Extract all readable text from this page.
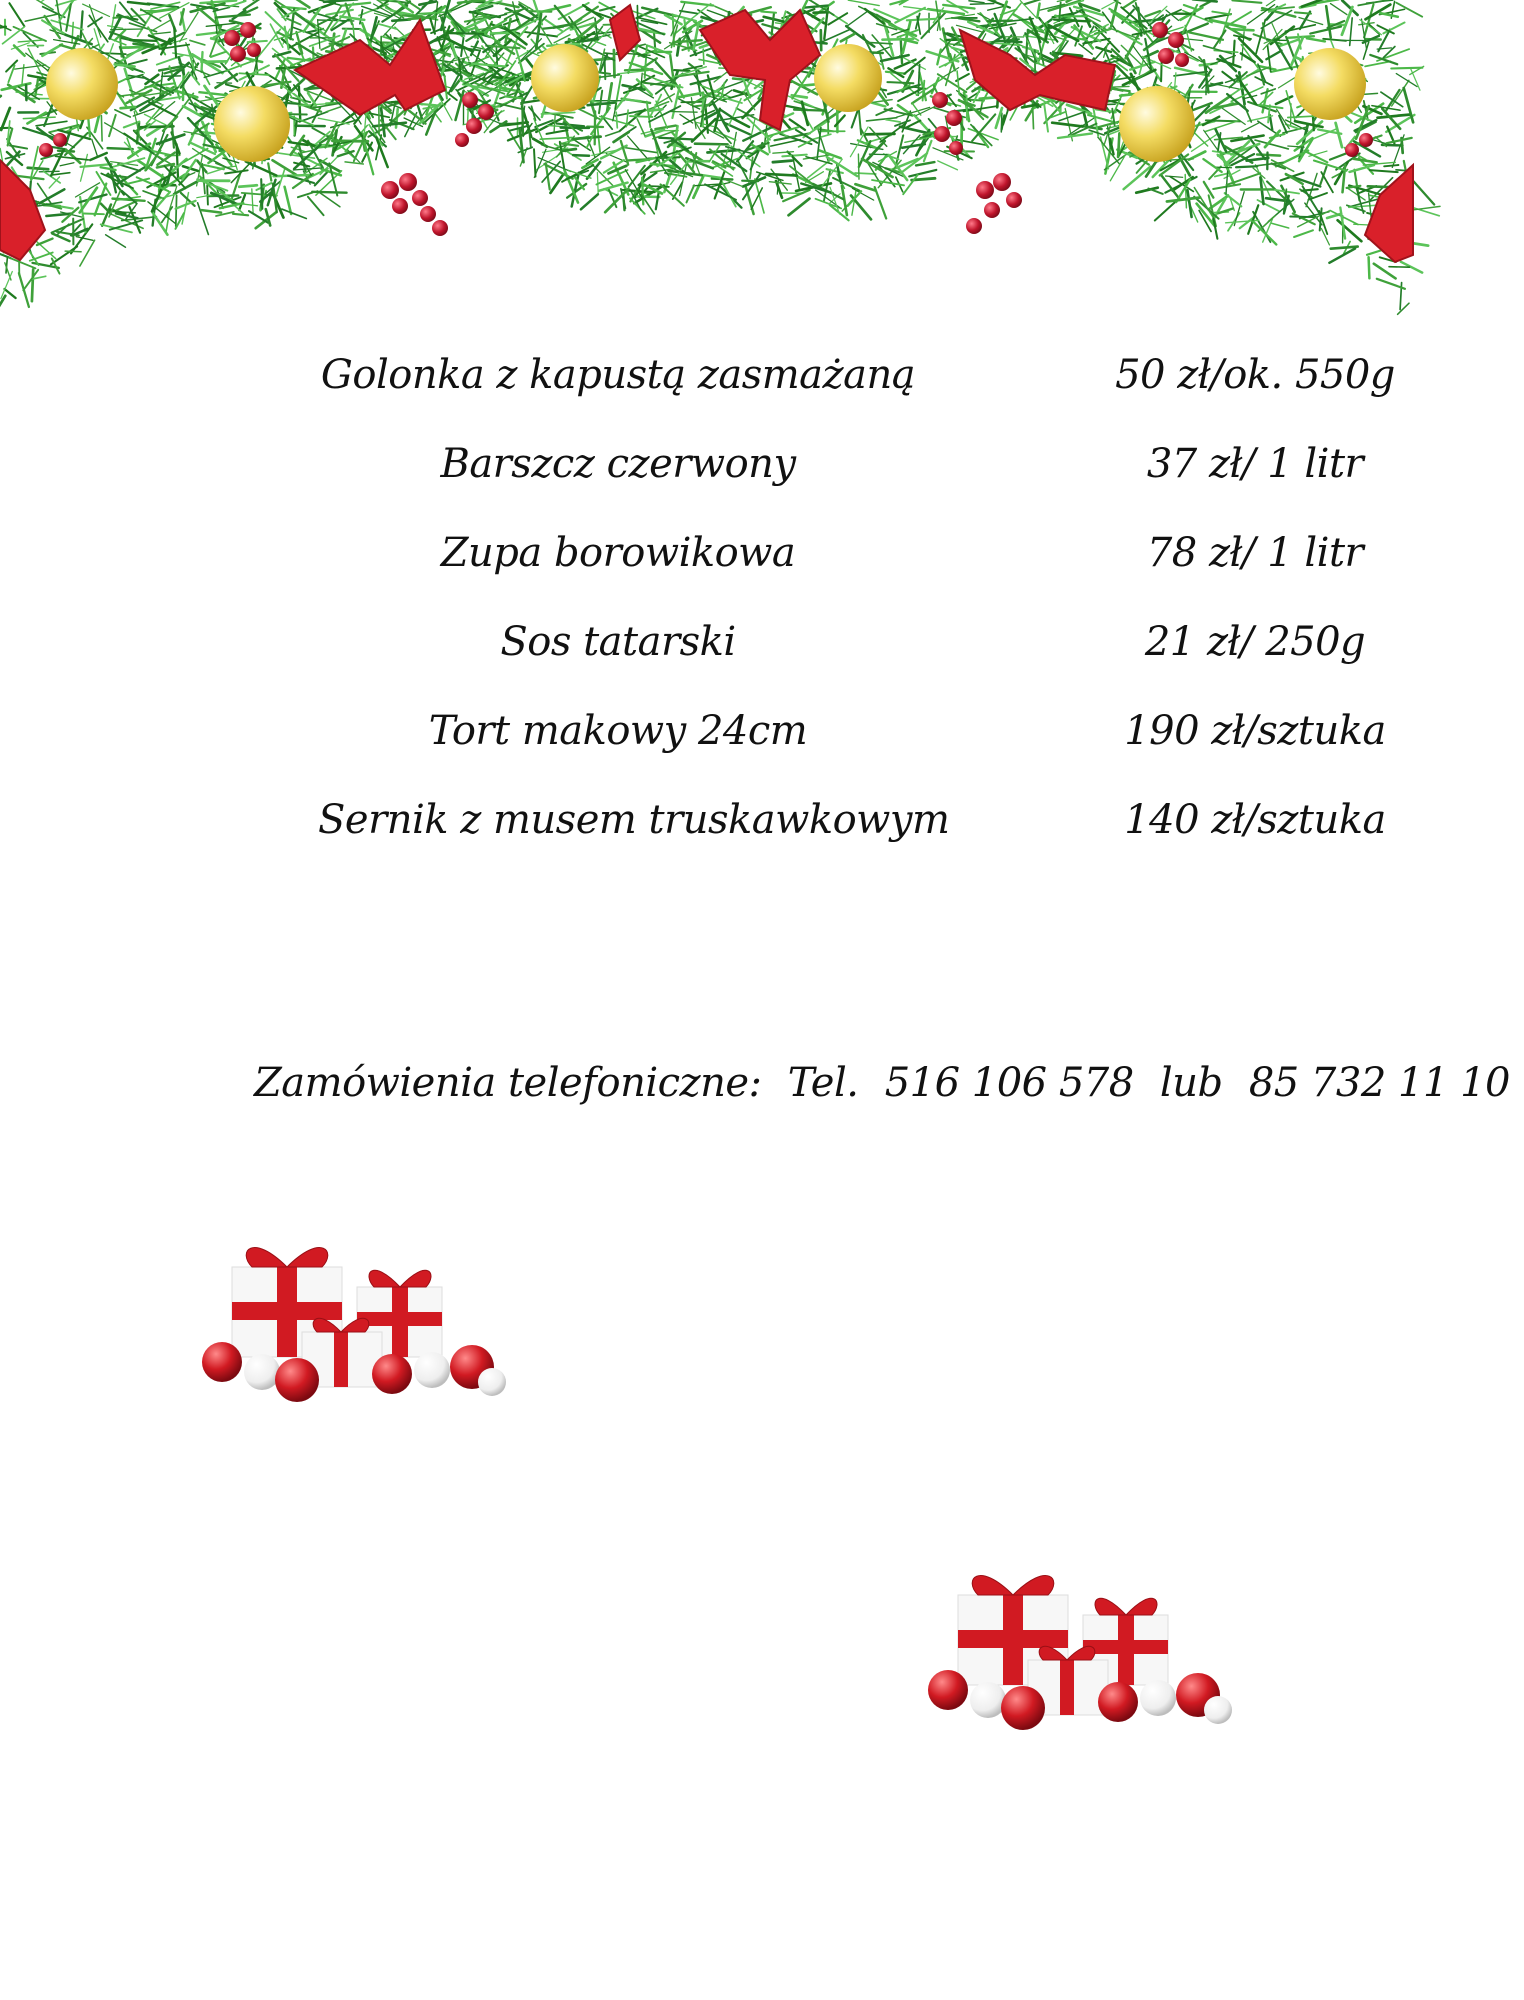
Golonka z kapustą zasmażaną	50 zł/ok. 550g
Barszcz czerwony	37 zł/ 1 litr
Zupa borowikowa	78 zł/ 1 litr
Sos tatarski	21 zł/ 250g
Tort makowy 24cm	190 zł/sztuka
Sernik z musem truskawkowym	140 zł/sztuka
Zamówienia telefoniczne: Tel. 516 106 578 lub 85 732 11 10
